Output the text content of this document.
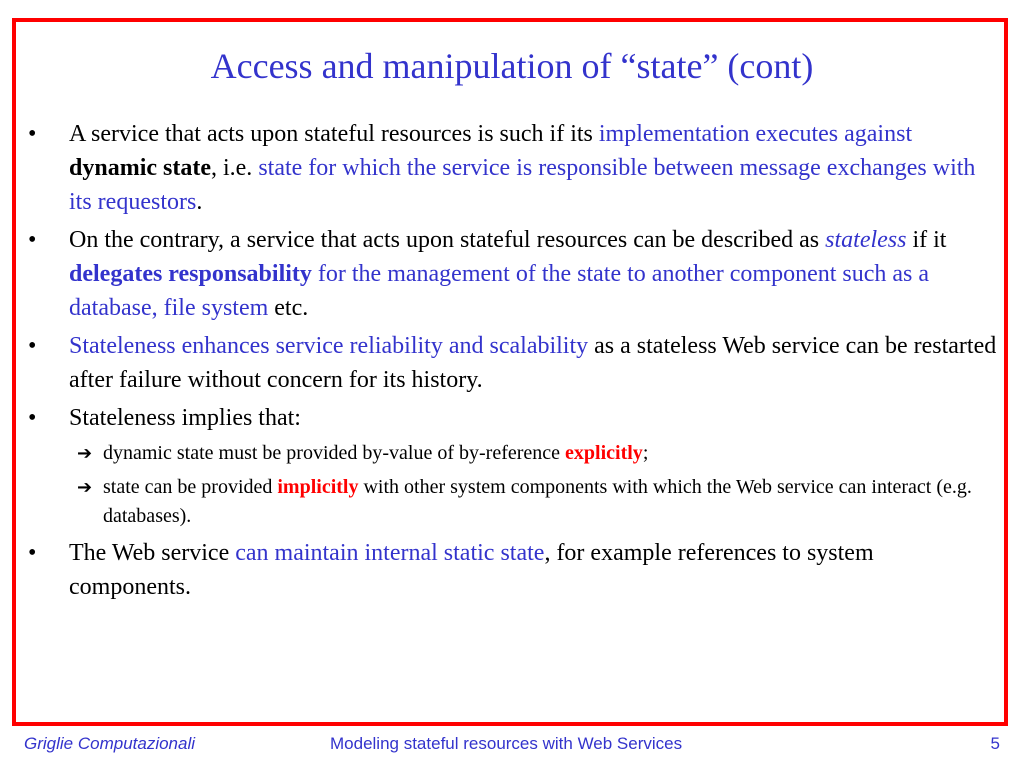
Access and manipulation of “state” (cont)
• A service that acts upon stateful resources is such if its implementation executes against dynamic state, i.e. state for which the service is responsible between message exchanges with its requestors.
• On the contrary, a service that acts upon stateful resources can be described as stateless if it delegates responsability for the management of the state to another component such as a database, file system etc.
• Stateleness enhances service reliability and scalability as a stateless Web service can be restarted after failure without concern for its history.
• Stateleness implies that:
➔ dynamic state must be provided by-value of by-reference explicitly;
➔ state can be provided implicitly with other system components with which the Web service can interact (e.g. databases).
• The Web service can maintain internal static state, for example references to system components.
Griglie Computazionali	Modeling stateful resources with Web Services	5
